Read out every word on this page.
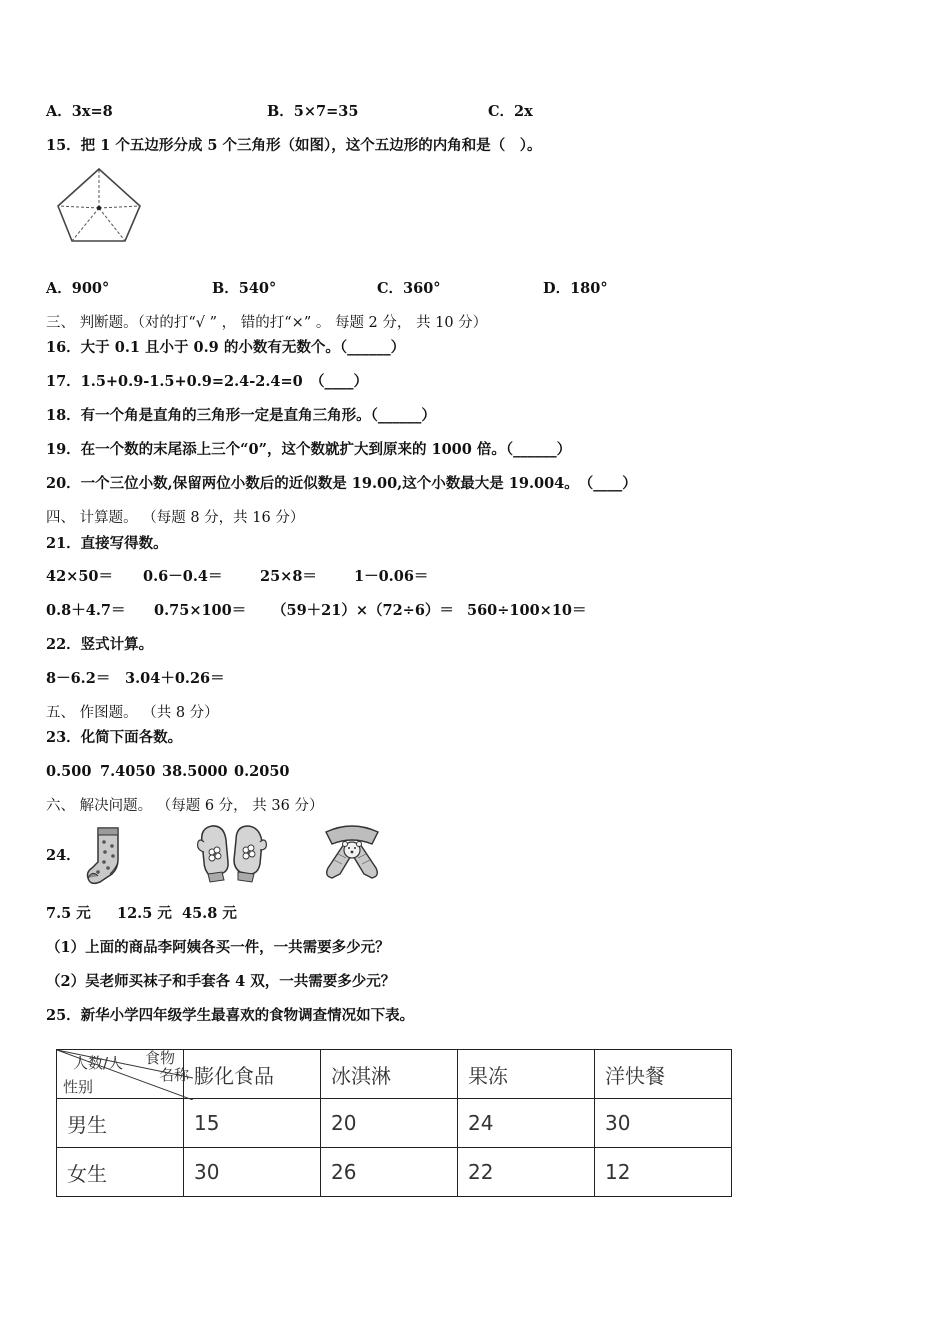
A．3x=8	B．5×7=35	C．2x
15．把 1 个五边形分成 5 个三角形（如图），这个五边形的内角和是（　）。
A．900°	B．540°	C．360°	D．180°
三、 判断题。（对的打“√ ” ， 错的打“×” 。 每题 2 分， 共 10 分）
16．大于 0.1 且小于 0.9 的小数有无数个。（______）
17．1.5+0.9-1.5+0.9=2.4-2.4=0　（____）
18．有一个角是直角的三角形一定是直角三角形。（______）
19．在一个数的末尾添上三个“0”，这个数就扩大到原来的 1000 倍。（______）
20．一个三位小数,保留两位小数后的近似数是 19.00,这个小数最大是 19.004。　（____）
四、 计算题。 （每题 8 分，共 16 分）
21．直接写得数。
42×50＝ 0.6－0.4＝	25×8＝	1－0.06＝
0.8＋4.7＝ 0.75×100＝ （59＋21）×（72÷6）＝ 560÷100×10＝
22．竖式计算。
8－6.2＝ 3.04＋0.26＝
五、 作图题。 （共 8 分）
23．化简下面各数。
0.500 7.4050 38.5000 0.2050
六、 解决问题。 （每题 6 分， 共 36 分）
24．
7.5 元 12.5 元 45.8 元
（1）上面的商品李阿姨各买一件，一共需要多少元？
（2）吴老师买袜子和手套各 4 双，一共需要多少元？
25．新华小学四年级学生最喜欢的食物调查情况如下表。
人数/人 食物
名称
性别	膨化食品	冰淇淋	果冻	洋快餐
男生	15	20	24	30
女生	30	26	22	12
